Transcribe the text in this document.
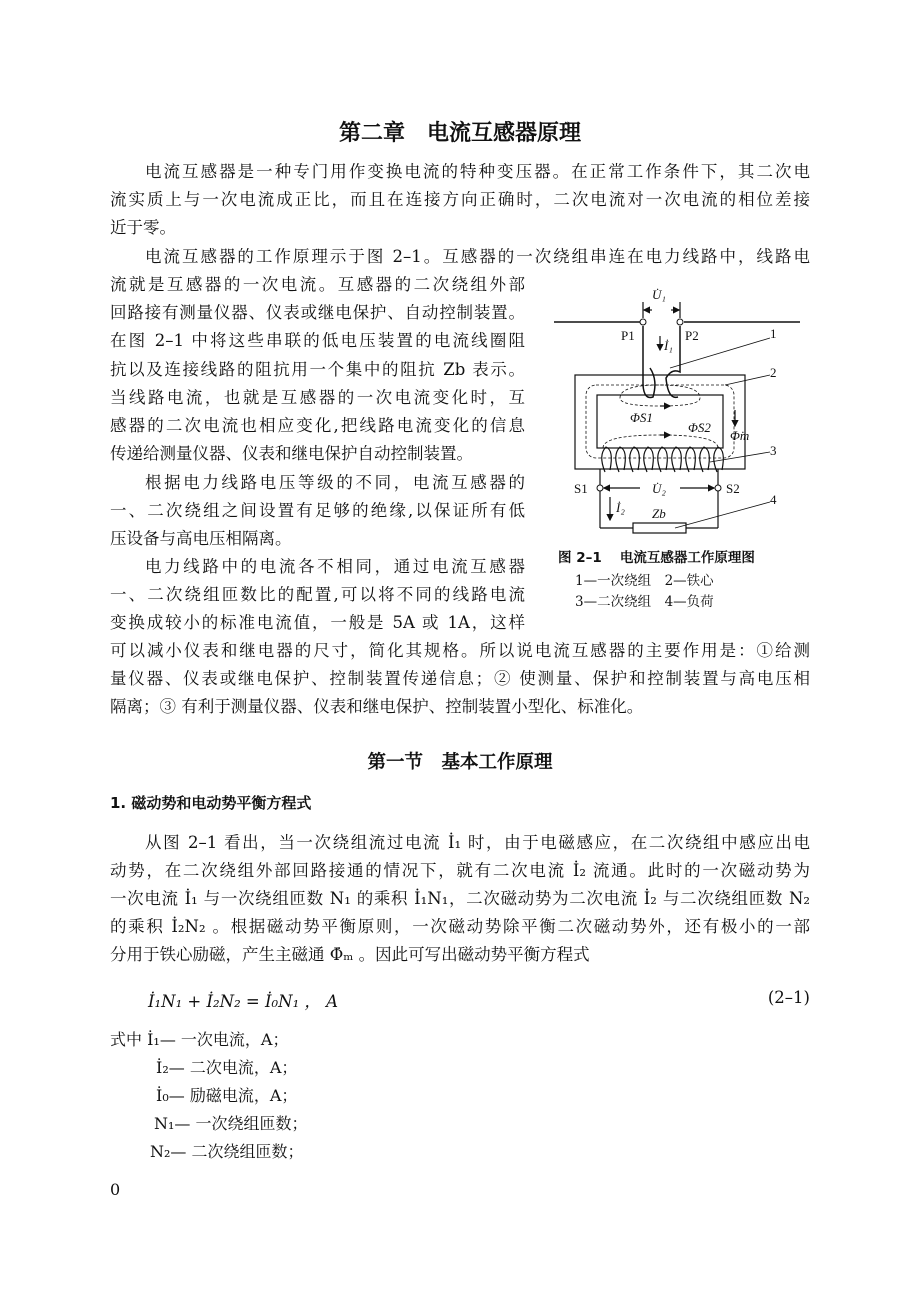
第二章　电流互感器原理
电流互感器是一种专门用作变换电流的特种变压器。在正常工作条件下，其二次电
流实质上与一次电流成正比，而且在连接方向正确时，二次电流对一次电流的相位差接
近于零。
电流互感器的工作原理示于图 2–1。互感器的一次绕组串连在电力线路中，线路电
流就是互感器的一次电流。互感器的二次绕组外部
回路接有测量仪器、仪表或继电保护、自动控制装置。
在图 2–1 中将这些串联的低电压装置的电流线圈阻
抗以及连接线路的阻抗用一个集中的阻抗 Zb 表示。
当线路电流，也就是互感器的一次电流变化时，互
感器的二次电流也相应变化,把线路电流变化的信息
传递给测量仪器、仪表和继电保护自动控制装置。
根据电力线路电压等级的不同，电流互感器的
一、二次绕组之间设置有足够的绝缘,以保证所有低
压设备与高电压相隔离。
电力线路中的电流各不相同，通过电流互感器
一、二次绕组匝数比的配置,可以将不同的线路电流
变换成较小的标准电流值，一般是 5A 或 1A，这样
可以减小仪表和继电器的尺寸，简化其规格。所以说电流互感器的主要作用是：①给测
量仪器、仪表或继电保护、控制装置传递信息；② 使测量、保护和控制装置与高电压相
隔离；③ 有利于测量仪器、仪表和继电保护、控制装置小型化、标准化。
U̇₁
P1	P2
İ₁
1
2
3
4
Φ̇S1
Φ̇S2
Φ̇m
S1	S2
U̇₂
İ₂ Zb
图 2–1　 电流互感器工作原理图
1—一次绕组　2—铁心
3—二次绕组　4—负荷
第一节　基本工作原理
1. 磁动势和电动势平衡方程式
从图 2–1 看出，当一次绕组流过电流 İ₁ 时，由于电磁感应，在二次绕组中感应出电
动势，在二次绕组外部回路接通的情况下，就有二次电流 İ₂ 流通。此时的一次磁动势为
一次电流 İ₁ 与一次绕组匝数 N₁ 的乘积 İ₁N₁，二次磁动势为二次电流 İ₂ 与二次绕组匝数 N₂
的乘积 İ₂N₂ 。根据磁动势平衡原则，一次磁动势除平衡二次磁动势外，还有极小的一部
分用于铁心励磁，产生主磁通 Φ̇ₘ 。因此可写出磁动势平衡方程式
İ₁N₁ + İ₂N₂ = İ₀N₁ ， A	(2–1)
式中 İ₁— 一次电流，A；
İ₂— 二次电流，A；
İ₀— 励磁电流，A；
N₁— 一次绕组匝数；
N₂— 二次绕组匝数；
0
